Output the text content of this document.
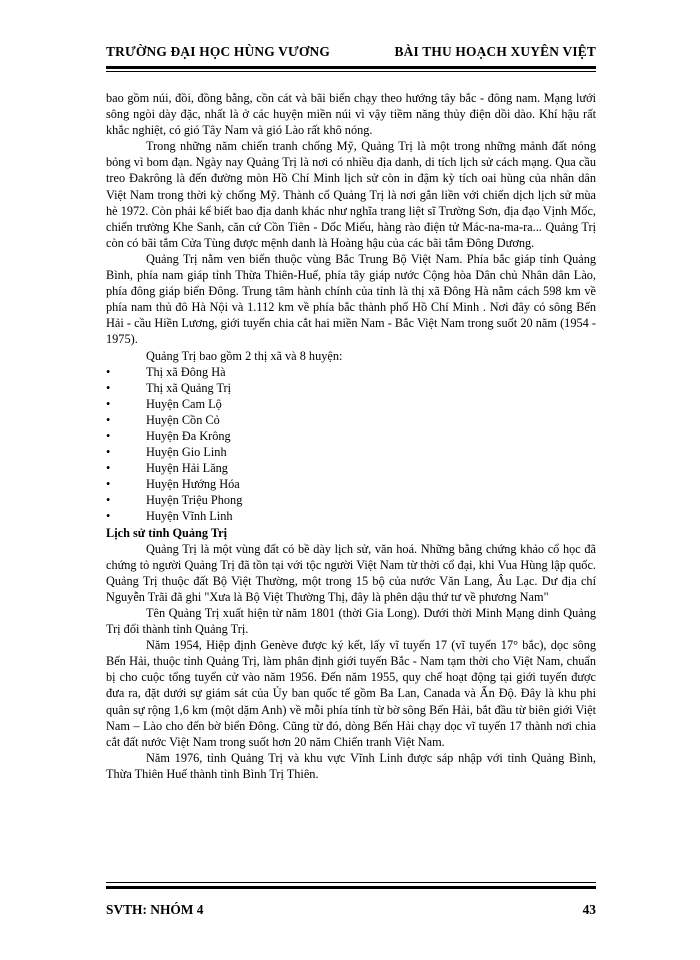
TRƯỜNG ĐẠI HỌC HÙNG VƯƠNG	BÀI THU HOẠCH XUYÊN VIỆT

bao gồm núi, đồi, đồng bằng, cồn cát và bãi biển chạy theo hướng tây bắc - đông nam. Mạng lưới sông ngòi dày đặc, nhất là ở các huyện miền núi vì vậy tiềm năng thủy điện dồi dào. Khí hậu rất khắc nghiệt, có gió Tây Nam và gió Lào rất khô nóng.

Trong những năm chiến tranh chống Mỹ, Quảng Trị là một trong những mảnh đất nóng bỏng vì bom đạn. Ngày nay Quảng Trị là nơi có nhiều địa danh, di tích lịch sử cách mạng. Qua cầu treo Đakrông là đến đường mòn Hồ Chí Minh lịch sử còn in đậm kỳ tích oai hùng của nhân dân Việt Nam trong thời kỳ chống Mỹ. Thành cổ Quảng Trị là nơi gắn liền với chiến dịch lịch sử mùa hè 1972. Còn phải kể biết bao địa danh khác như nghĩa trang liệt sĩ Trường Sơn, địa đạo Vịnh Mốc, chiến trường Khe Sanh, căn cứ Cồn Tiên - Dốc Miếu, hàng rào điện tử Mác-na-ma-ra... Quảng Trị còn có bãi tắm Cửa Tùng được mệnh danh là Hoàng hậu của các bãi tắm Đông Dương.

Quảng Trị nằm ven biển thuộc vùng Bắc Trung Bộ Việt Nam. Phía bắc giáp tỉnh Quảng Bình, phía nam giáp tỉnh Thừa Thiên-Huế, phía tây giáp nước Cộng hòa Dân chủ Nhân dân Lào, phía đông giáp biển Đông. Trung tâm hành chính của tỉnh là thị xã Đông Hà nằm cách 598 km về phía nam thủ đô Hà Nội và 1.112 km về phía bắc thành phố Hồ Chí Minh . Nơi đây có sông Bến Hải - cầu Hiền Lương, giới tuyến chia cắt hai miền Nam - Bắc Việt Nam trong suốt 20 năm (1954 - 1975).

Quảng Trị bao gồm 2 thị xã và 8 huyện:

•	Thị xã Đông Hà
•	Thị xã Quảng Trị
•	Huyện Cam Lộ
•	Huyện Cồn Cỏ
•	Huyện Đa Krông
•	Huyện Gio Linh
•	Huyện Hải Lăng
•	Huyện Hướng Hóa
•	Huyện Triệu Phong
•	Huyện Vĩnh Linh

Lịch sử tỉnh Quảng Trị

Quảng Trị là một vùng đất có bề dày lịch sử, văn hoá. Những bằng chứng khảo cổ học đã chứng tỏ người Quảng Trị đã tồn tại với tộc người Việt Nam từ thời cổ đại, khi Vua Hùng lập quốc. Quảng Trị thuộc đất Bộ Việt Thường, một trong 15 bộ của nước Văn Lang, Âu Lạc. Dư địa chí Nguyễn Trãi đã ghi "Xưa là Bộ Việt Thường Thị, đây là phên dậu thứ tư về phương Nam"

Tên Quảng Trị xuất hiện từ năm 1801 (thời Gia Long). Dưới thời Minh Mạng dinh Quảng Trị đổi thành tỉnh Quảng Trị.

Năm 1954, Hiệp định Genève được ký kết, lấy vĩ tuyến 17 (vĩ tuyến 17° bắc), dọc sông Bến Hải, thuộc tỉnh Quảng Trị, làm phân định giới tuyến Bắc - Nam tạm thời cho Việt Nam, chuẩn bị cho cuộc tổng tuyển cử vào năm 1956. Đến năm 1955, quy chế hoạt động tại giới tuyến được đưa ra, đặt dưới sự giám sát của Ủy ban quốc tế gồm Ba Lan, Canada và Ấn Độ. Đây là khu phi quân sự rộng 1,6 km (một dặm Anh) về mỗi phía tính từ bờ sông Bến Hải, bắt đầu từ biên giới Việt Nam – Lào cho đến bờ biển Đông. Cũng từ đó, dòng Bến Hải chạy dọc vĩ tuyến 17 thành nơi chia cắt đất nước Việt Nam trong suốt hơn 20 năm Chiến tranh Việt Nam.

Năm 1976, tỉnh Quảng Trị và khu vực Vĩnh Linh được sáp nhập với tỉnh Quảng Bình, Thừa Thiên Huế thành tỉnh Bình Trị Thiên.

SVTH: NHÓM 4	43
